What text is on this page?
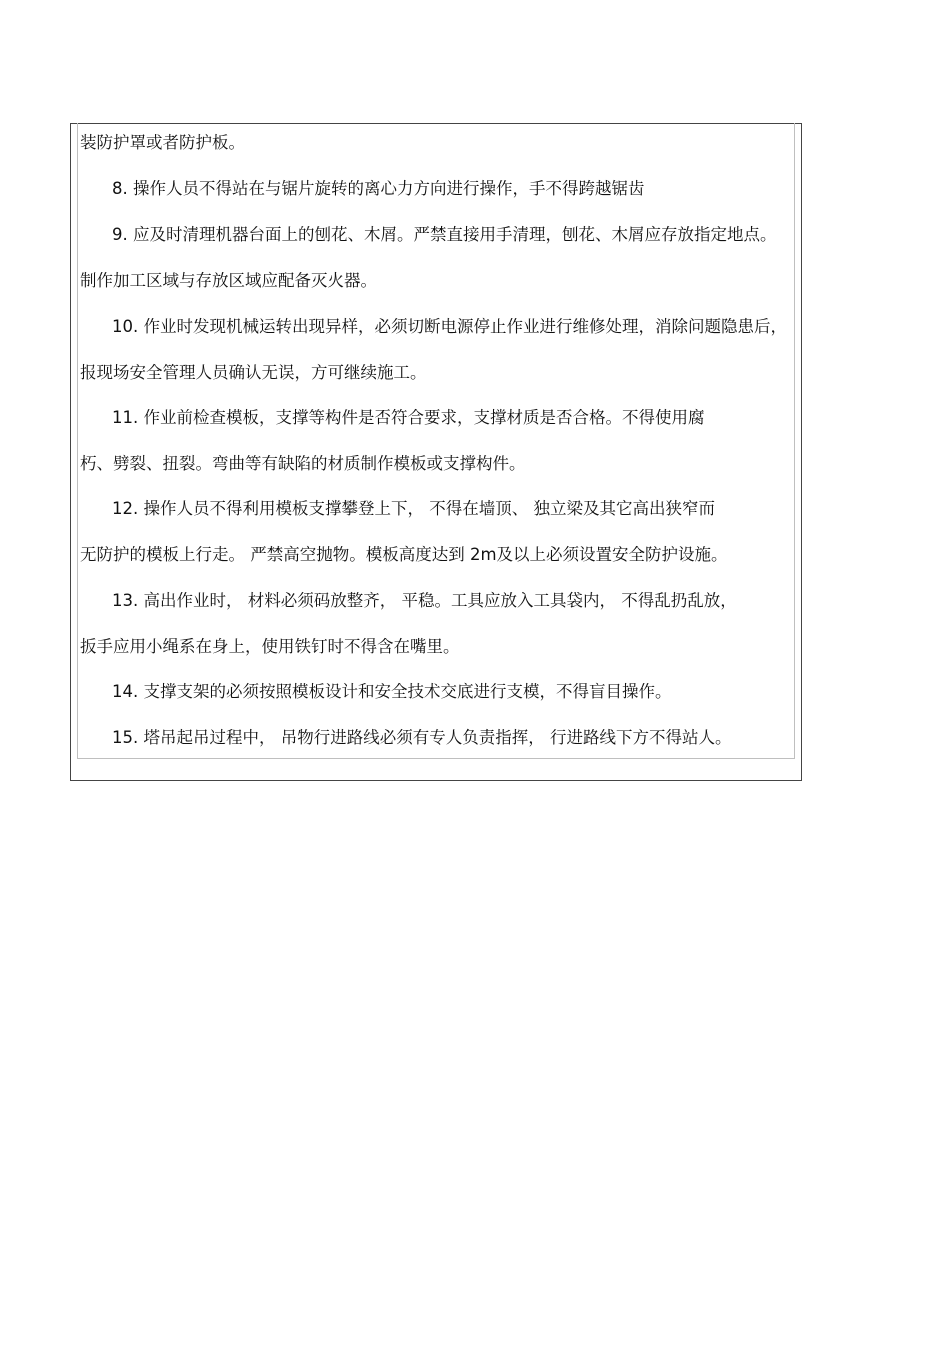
装防护罩或者防护板。
8. 操作人员不得站在与锯片旋转的离心力方向进行操作，手不得跨越锯齿
9. 应及时清理机器台面上的刨花、木屑。严禁直接用手清理，刨花、木屑应存放指定地点。
制作加工区域与存放区域应配备灭火器。
10. 作业时发现机械运转出现异样，必须切断电源停止作业进行维修处理，消除问题隐患后，
报现场安全管理人员确认无误，方可继续施工。
11. 作业前检查模板，支撑等构件是否符合要求，支撑材质是否合格。不得使用腐
朽、劈裂、扭裂。弯曲等有缺陷的材质制作模板或支撑构件。
12. 操作人员不得利用模板支撑攀登上下， 不得在墙顶、 独立梁及其它高出狭窄而
无防护的模板上行走。 严禁高空抛物。模板高度达到 2m及以上必须设置安全防护设施。
13. 高出作业时， 材料必须码放整齐， 平稳。工具应放入工具袋内， 不得乱扔乱放，
扳手应用小绳系在身上，使用铁钉时不得含在嘴里。
14. 支撑支架的必须按照模板设计和安全技术交底进行支模，不得盲目操作。
15. 塔吊起吊过程中， 吊物行进路线必须有专人负责指挥， 行进路线下方不得站人。
